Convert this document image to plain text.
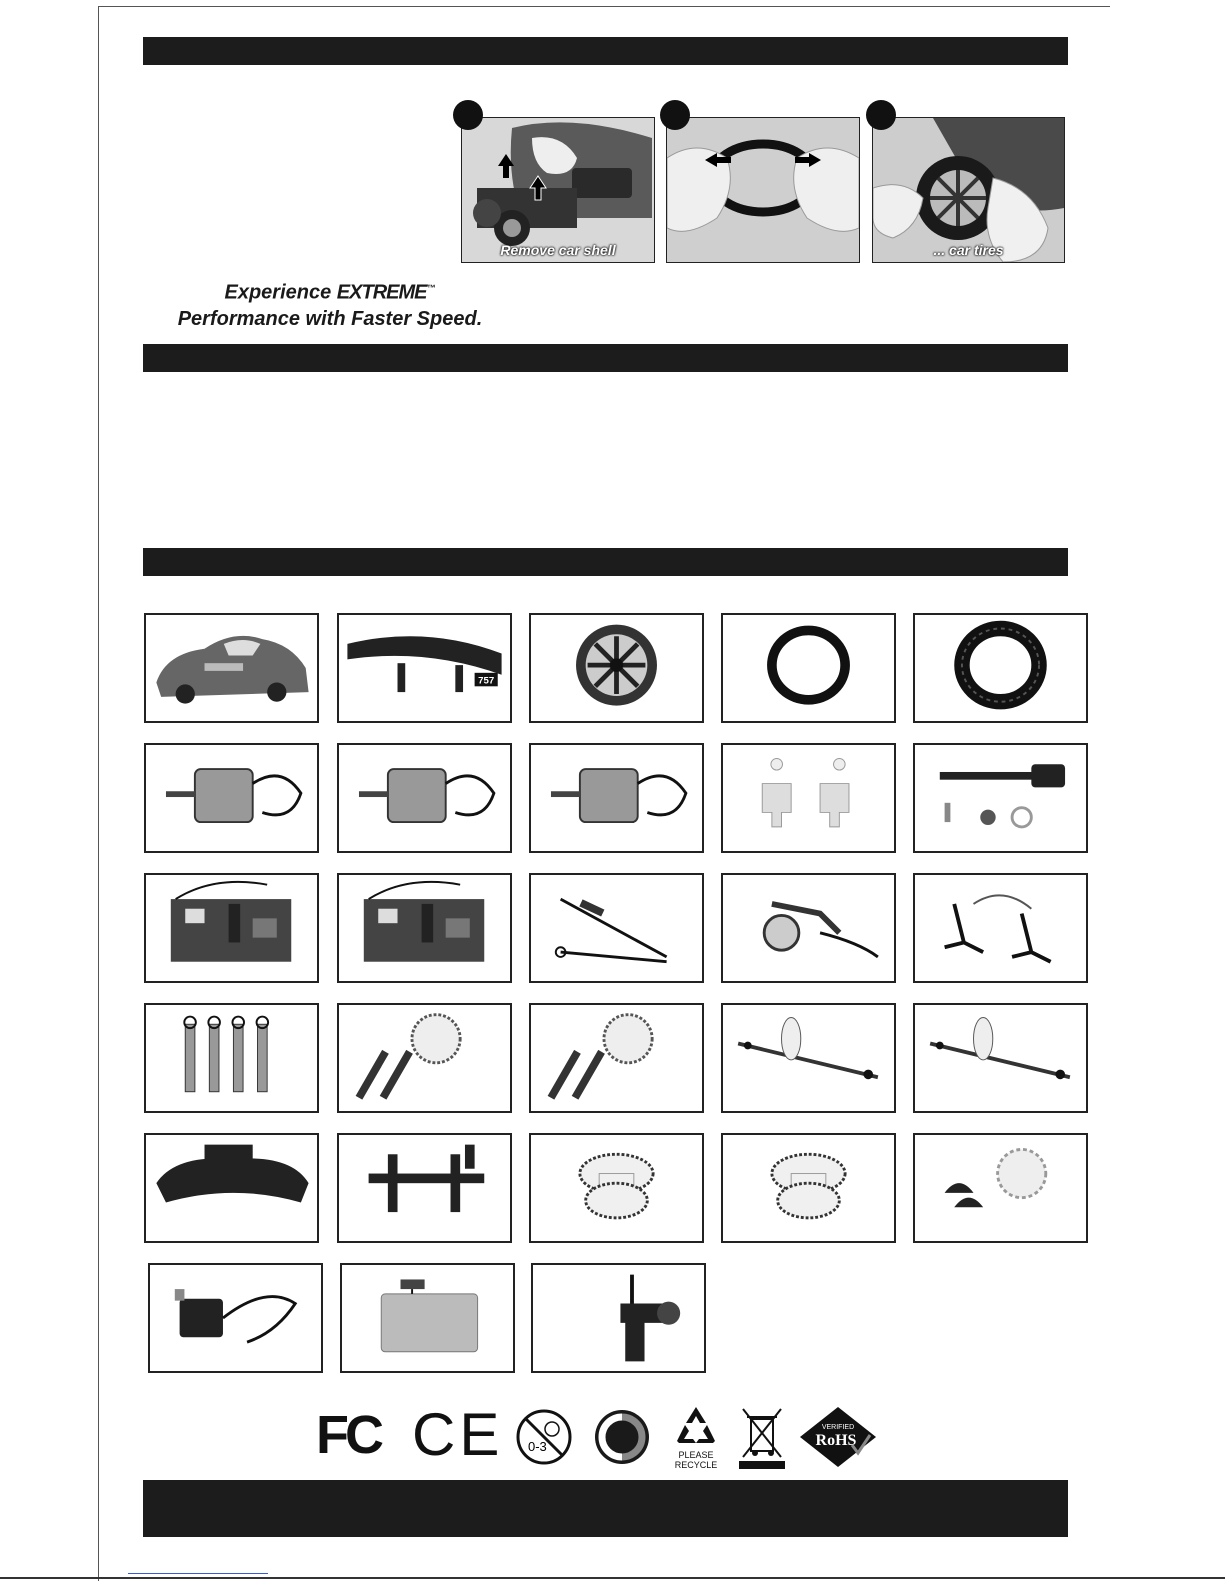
Remove car shell	... car tires
Experience EXTREME™
Performance with Faster Speed.
757
FC CE 0-3
PLEASE
RECYCLE
VERIFIED
RoHS
